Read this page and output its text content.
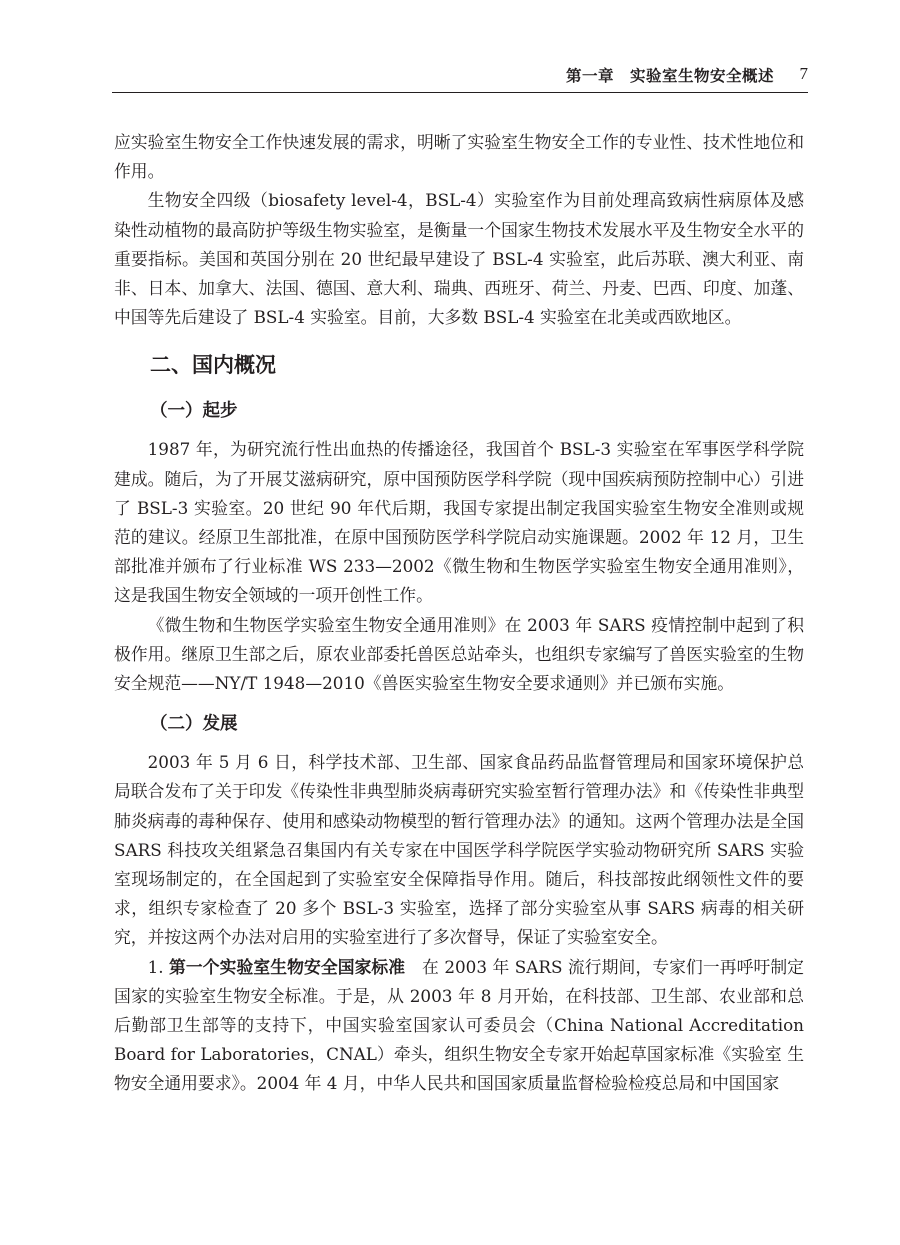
第一章　实验室生物安全概述 7

应实验室生物安全工作快速发展的需求，明晰了实验室生物安全工作的专业性、技术性地位和作用。

生物安全四级（biosafety level-4，BSL-4）实验室作为目前处理高致病性病原体及感染性动植物的最高防护等级生物实验室，是衡量一个国家生物技术发展水平及生物安全水平的重要指标。美国和英国分别在 20 世纪最早建设了 BSL-4 实验室，此后苏联、澳大利亚、南非、日本、加拿大、法国、德国、意大利、瑞典、西班牙、荷兰、丹麦、巴西、印度、加蓬、中国等先后建设了 BSL-4 实验室。目前，大多数 BSL-4 实验室在北美或西欧地区。

二、国内概况
（一）起步

1987 年，为研究流行性出血热的传播途径，我国首个 BSL-3 实验室在军事医学科学院建成。随后，为了开展艾滋病研究，原中国预防医学科学院（现中国疾病预防控制中心）引进了 BSL-3 实验室。20 世纪 90 年代后期，我国专家提出制定我国实验室生物安全准则或规范的建议。经原卫生部批准，在原中国预防医学科学院启动实施课题。2002 年 12 月，卫生部批准并颁布了行业标准 WS 233—2002《微生物和生物医学实验室生物安全通用准则》，这是我国生物安全领域的一项开创性工作。

《微生物和生物医学实验室生物安全通用准则》在 2003 年 SARS 疫情控制中起到了积极作用。继原卫生部之后，原农业部委托兽医总站牵头，也组织专家编写了兽医实验室的生物安全规范——NY/T 1948—2010《兽医实验室生物安全要求通则》并已颁布实施。

（二）发展

2003 年 5 月 6 日，科学技术部、卫生部、国家食品药品监督管理局和国家环境保护总局联合发布了关于印发《传染性非典型肺炎病毒研究实验室暂行管理办法》和《传染性非典型肺炎病毒的毒种保存、使用和感染动物模型的暂行管理办法》的通知。这两个管理办法是全国 SARS 科技攻关组紧急召集国内有关专家在中国医学科学院医学实验动物研究所 SARS 实验室现场制定的，在全国起到了实验室安全保障指导作用。随后，科技部按此纲领性文件的要求，组织专家检查了 20 多个 BSL-3 实验室，选择了部分实验室从事 SARS 病毒的相关研究，并按这两个办法对启用的实验室进行了多次督导，保证了实验室安全。

1. 第一个实验室生物安全国家标准　 在 2003 年 SARS 流行期间，专家们一再呼吁制定国家的实验室生物安全标准。于是，从 2003 年 8 月开始，在科技部、卫生部、农业部和总后勤部卫生部等的支持下，中国实验室国家认可委员会（China National Accreditation Board for Laboratories，CNAL）牵头，组织生物安全专家开始起草国家标准《实验室 生物安全通用要求》。2004 年 4 月，中华人民共和国国家质量监督检验检疫总局和中国国家
